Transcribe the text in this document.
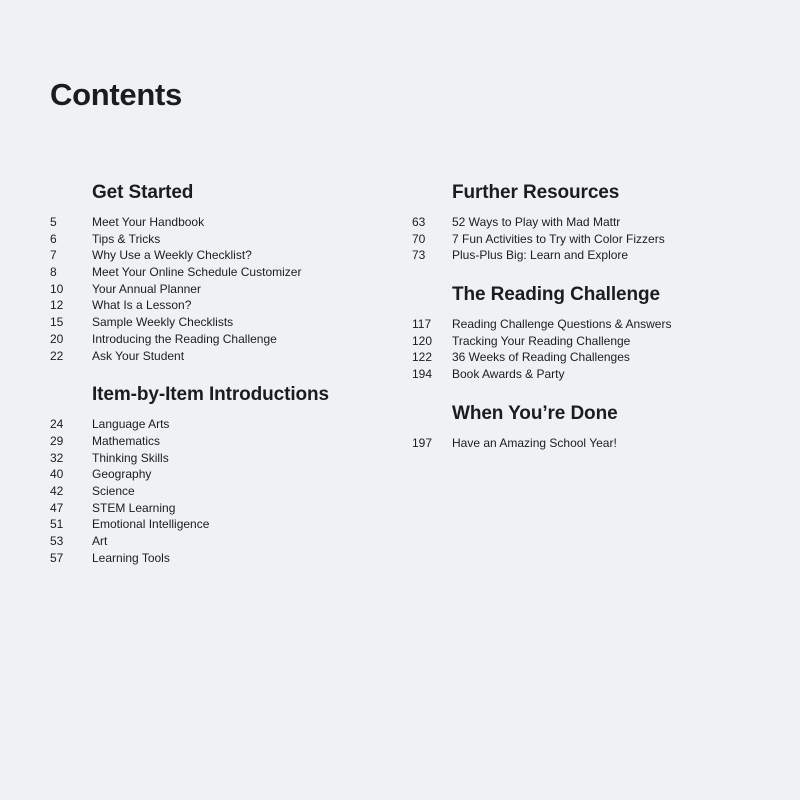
Contents
Get Started
5	Meet Your Handbook
6	Tips & Tricks
7	Why Use a Weekly Checklist?
8	Meet Your Online Schedule Customizer
10	Your Annual Planner
12	What Is a Lesson?
15	Sample Weekly Checklists
20	Introducing the Reading Challenge
22	Ask Your Student
Item-by-Item Introductions
24	Language Arts
29	Mathematics
32	Thinking Skills
40	Geography
42	Science
47	STEM Learning
51	Emotional Intelligence
53	Art
57	Learning Tools
Further Resources
63	52 Ways to Play with Mad Mattr
70	7 Fun Activities to Try with Color Fizzers
73	Plus-Plus Big: Learn and Explore
The Reading Challenge
117	Reading Challenge Questions & Answers
120	Tracking Your Reading Challenge
122	36 Weeks of Reading Challenges
194	Book Awards & Party
When You’re Done
197	Have an Amazing School Year!
